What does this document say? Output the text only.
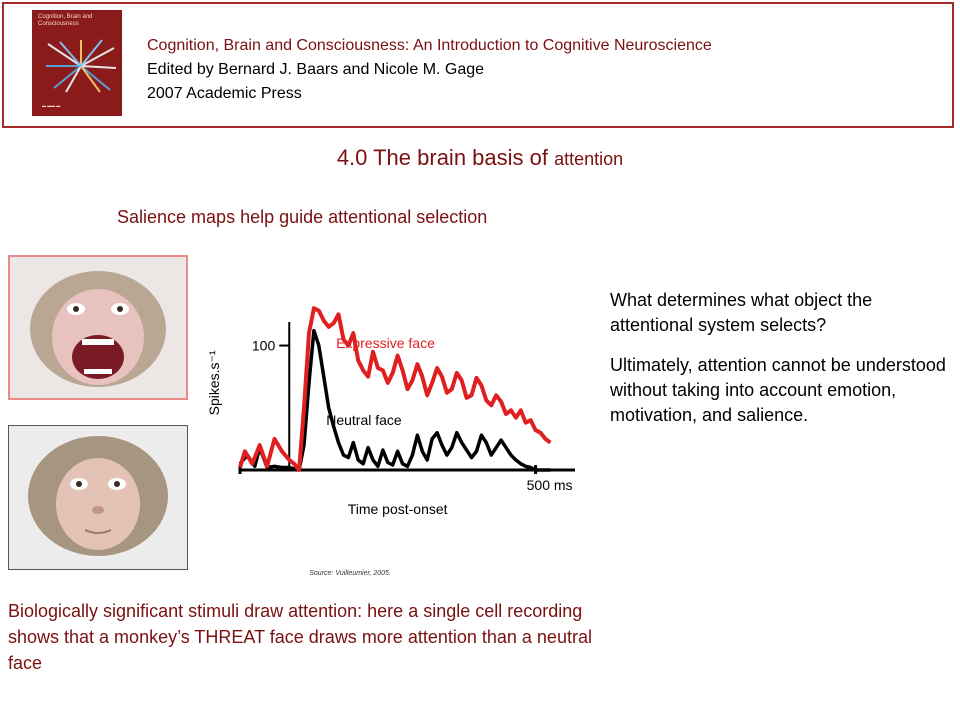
Cognition, Brain and Consciousness
▬ ▬▬ ▬
Cognition, Brain and Consciousness: An Introduction to Cognitive Neuroscience
Edited by Bernard J. Baars and Nicole M. Gage
2007 Academic Press
4.0 The brain basis of attention
Salience maps help guide attentional selection
100
500 ms
Time post-onset
Spikes.s⁻¹
Expressive face
Neutral face
Source: Vuilleumier, 2005.

What determines what object the attentional system selects?

Ultimately, attention cannot be understood without taking into account emotion, motivation, and salience.

Biologically significant stimuli draw attention: here a single cell recording shows that a monkey’s THREAT face draws more attention than a neutral face
